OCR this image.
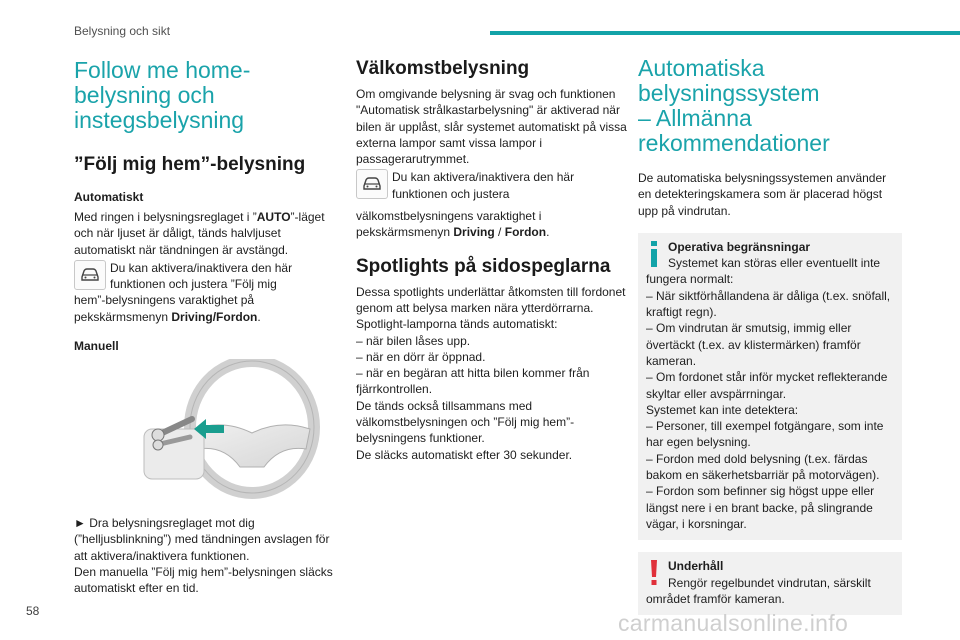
Belysning och sikt
Follow me home-
belysning och
instegsbelysning
”Följ mig hem”-belysning
Automatiskt

Med ringen i belysningsreglaget i ”AUTO”-läget och när ljuset är dåligt, tänds halvljuset automatiskt när tändningen är avstängd.

Du kan aktivera/inaktivera den här funktionen och justera ”Följ mig

hem”-belysningens varaktighet på pekskärmsmenyn Driving/Fordon.

Manuell

► Dra belysningsreglaget mot dig (”helljusblinkning”) med tändningen avslagen för att aktivera/inaktivera funktionen.

Den manuella ”Följ mig hem”-belysningen släcks automatiskt efter en tid.

Välkomstbelysning

Om omgivande belysning är svag och funktionen "Automatisk strålkastarbelysning" är aktiverad när bilen är upplåst, slår systemet automatiskt på vissa externa lampor samt vissa lampor i passagerarutrymmet.

Du kan aktivera/inaktivera den här funktionen och justera

välkomstbelysningens varaktighet i pekskärmsmenyn Driving / Fordon.

Spotlights på sidospeglarna

Dessa spotlights underlättar åtkomsten till fordonet genom att belysa marken nära ytterdörrarna.

Spotlight-lamporna tänds automatiskt:
– när bilen låses upp.
– när en dörr är öppnad.
– när en begäran att hitta bilen kommer från fjärrkontrollen.
De tänds också tillsammans med välkomstbelysningen och ”Följ mig hem”-belysningens funktioner.
De släcks automatiskt efter 30 sekunder.
Automatiska
belysningssystem
– Allmänna
rekommendationer

De automatiska belysningssystemen använder en detekteringskamera som är placerad högst upp på vindrutan.

Operativa begränsningar
Systemet kan störas eller eventuellt inte
fungera normalt:
– När siktförhållandena är dåliga (t.ex. snöfall, kraftigt regn).
– Om vindrutan är smutsig, immig eller övertäckt (t.ex. av klistermärken) framför kameran.
– Om fordonet står inför mycket reflekterande skyltar eller avspärrningar.
Systemet kan inte detektera:
– Personer, till exempel fotgängare, som inte har egen belysning.
– Fordon med dold belysning (t.ex. färdas bakom en säkerhetsbarriär på motorvägen).
– Fordon som befinner sig högst uppe eller längst nere i en brant backe, på slingrande vägar, i korsningar.
Underhåll
Rengör regelbundet vindrutan, särskilt
området framför kameran.
58	carmanualsonline.info
